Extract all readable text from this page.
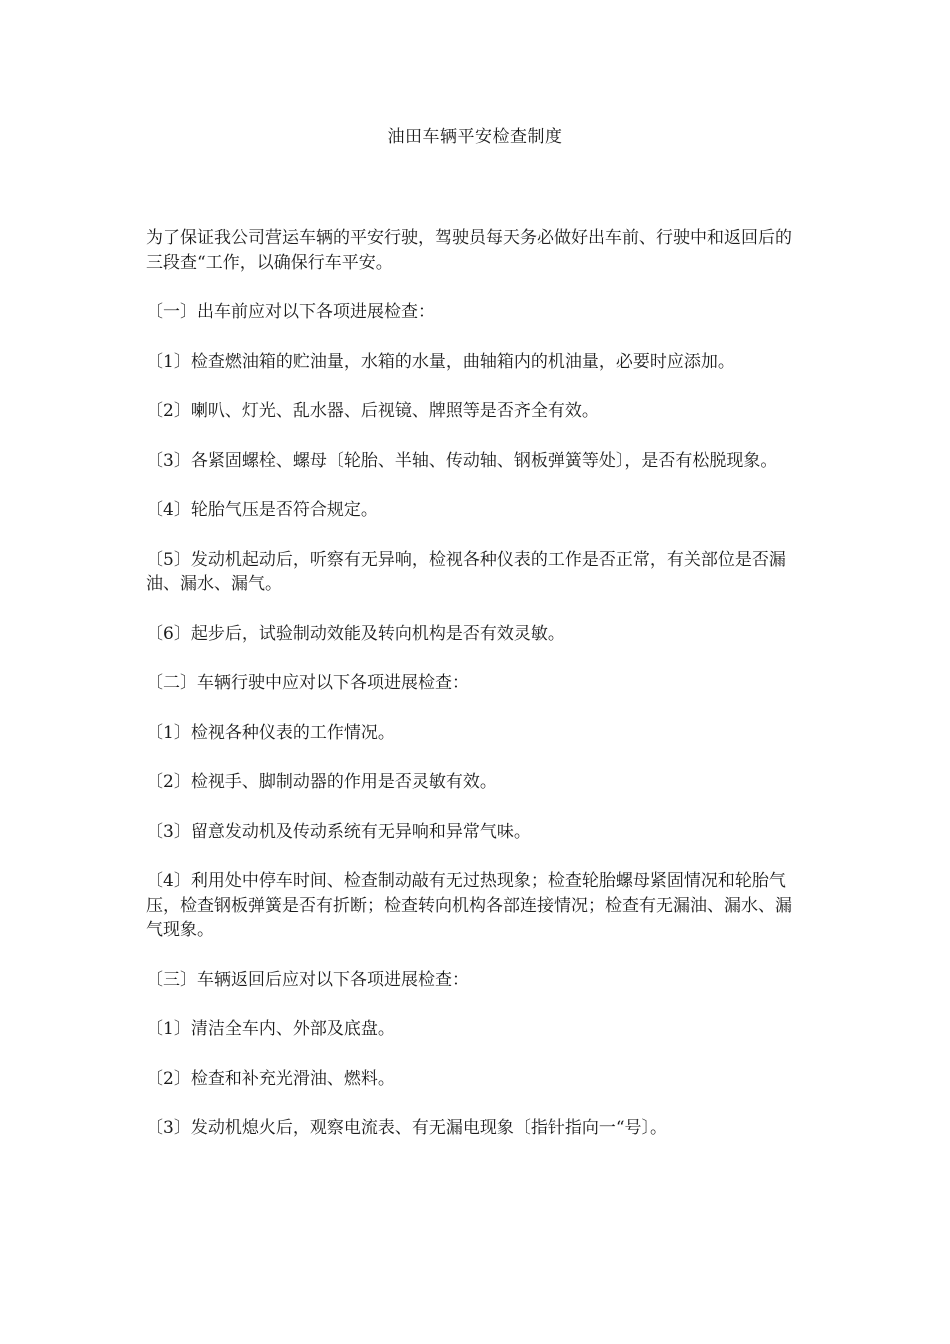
油田车辆平安检查制度

为了保证我公司营运车辆的平安行驶，驾驶员每天务必做好出车前、行驶中和返回后的三段查“工作，以确保行车平安。

〔一〕出车前应对以下各项进展检查：

〔1〕检查燃油箱的贮油量，水箱的水量，曲轴箱内的机油量，必要时应添加。

〔2〕喇叭、灯光、乱水器、后视镜、牌照等是否齐全有效。

〔3〕各紧固螺栓、螺母〔轮胎、半轴、传动轴、钢板弹簧等处〕，是否有松脱现象。

〔4〕轮胎气压是否符合规定。

〔5〕发动机起动后，听察有无异响，检视各种仪表的工作是否正常，有关部位是否漏油、漏水、漏气。

〔6〕起步后，试验制动效能及转向机构是否有效灵敏。

〔二〕车辆行驶中应对以下各项进展检查：

〔1〕检视各种仪表的工作情况。

〔2〕检视手、脚制动器的作用是否灵敏有效。

〔3〕留意发动机及传动系统有无异响和异常气味。

〔4〕利用处中停车时间、检查制动敲有无过热现象；检查轮胎螺母紧固情况和轮胎气压，检查钢板弹簧是否有折断；检查转向机构各部连接情况；检查有无漏油、漏水、漏气现象。

〔三〕车辆返回后应对以下各项进展检查：

〔1〕清洁全车内、外部及底盘。

〔2〕检查和补充光滑油、燃料。

〔3〕发动机熄火后，观察电流表、有无漏电现象〔指针指向一“号〕。
